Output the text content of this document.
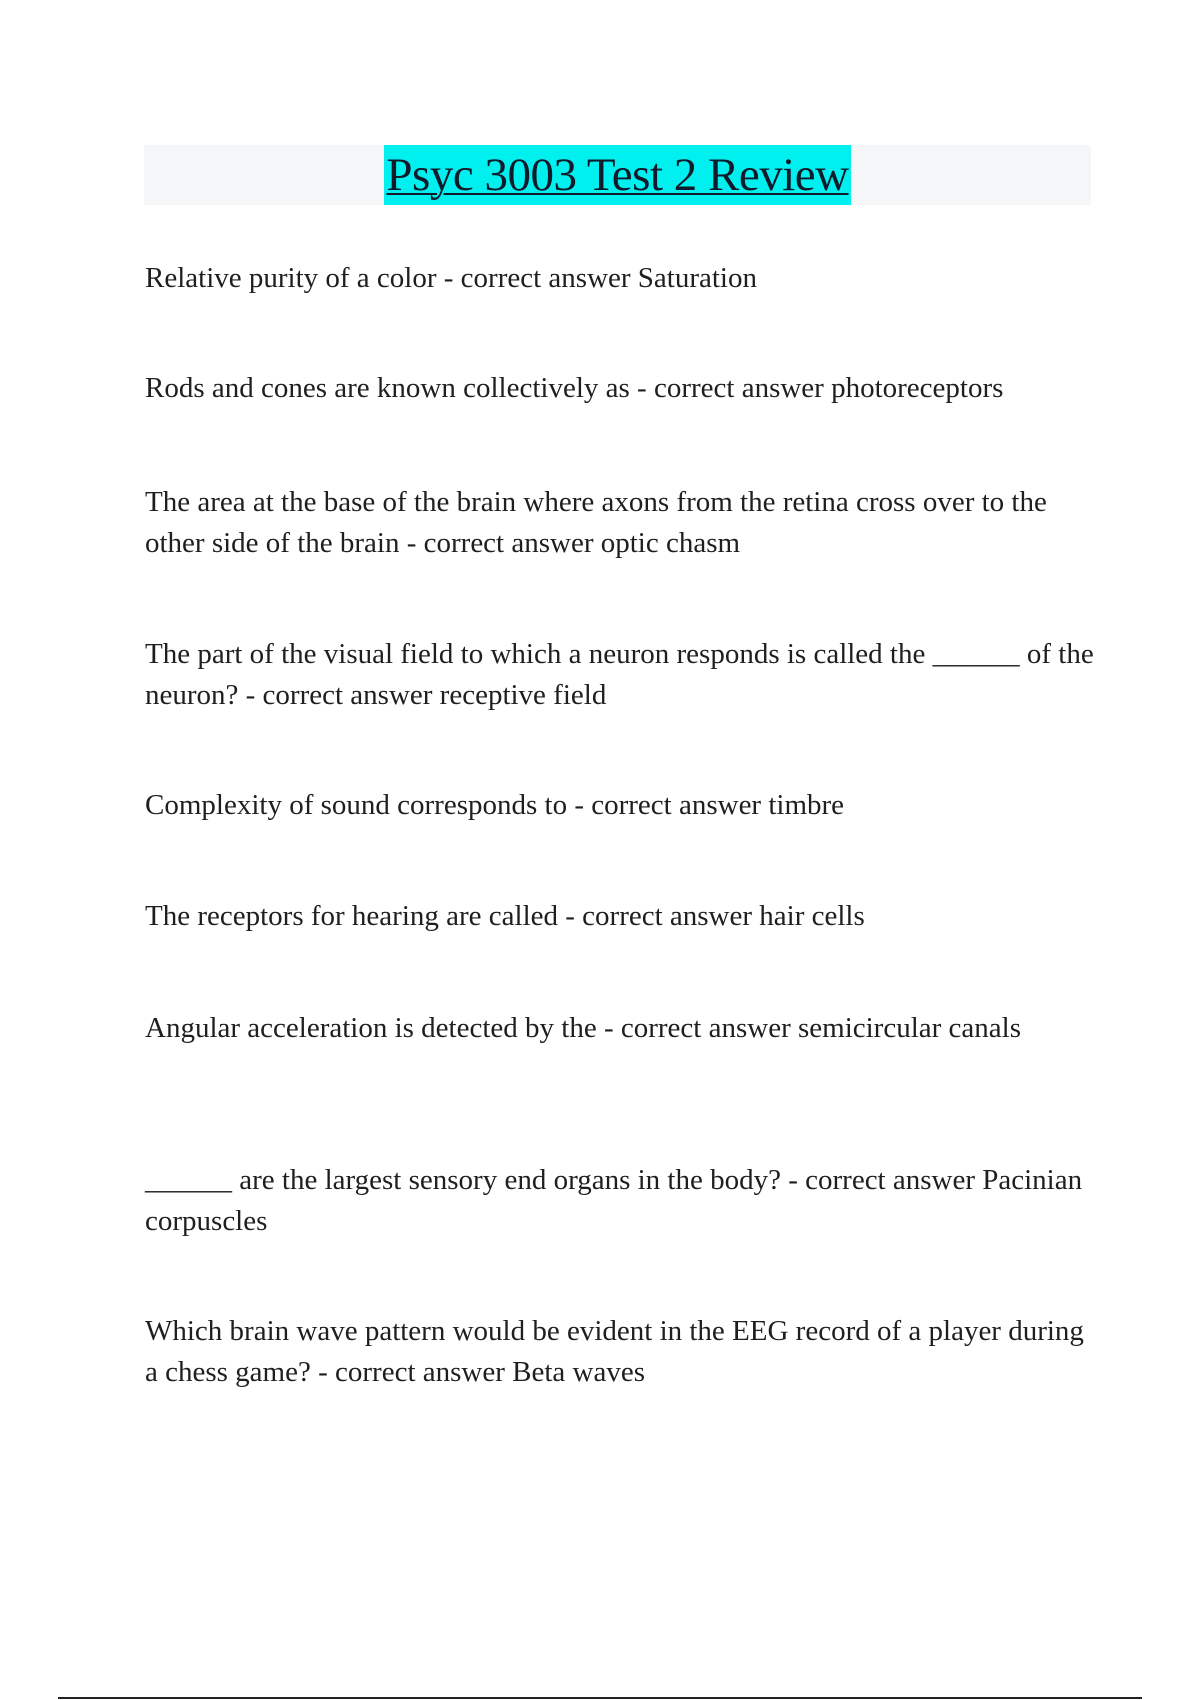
Psyc 3003 Test 2 Review

Relative purity of a color - correct answer Saturation

Rods and cones are known collectively as - correct answer photoreceptors

The area at the base of the brain where axons from the retina cross over to the other side of the brain - correct answer optic chasm

The part of the visual field to which a neuron responds is called the ______ of the neuron? - correct answer receptive field

Complexity of sound corresponds to - correct answer timbre

The receptors for hearing are called - correct answer hair cells

Angular acceleration is detected by the - correct answer semicircular canals

______ are the largest sensory end organs in the body? - correct answer Pacinian corpuscles

Which brain wave pattern would be evident in the EEG record of a player during a chess game? - correct answer Beta waves
